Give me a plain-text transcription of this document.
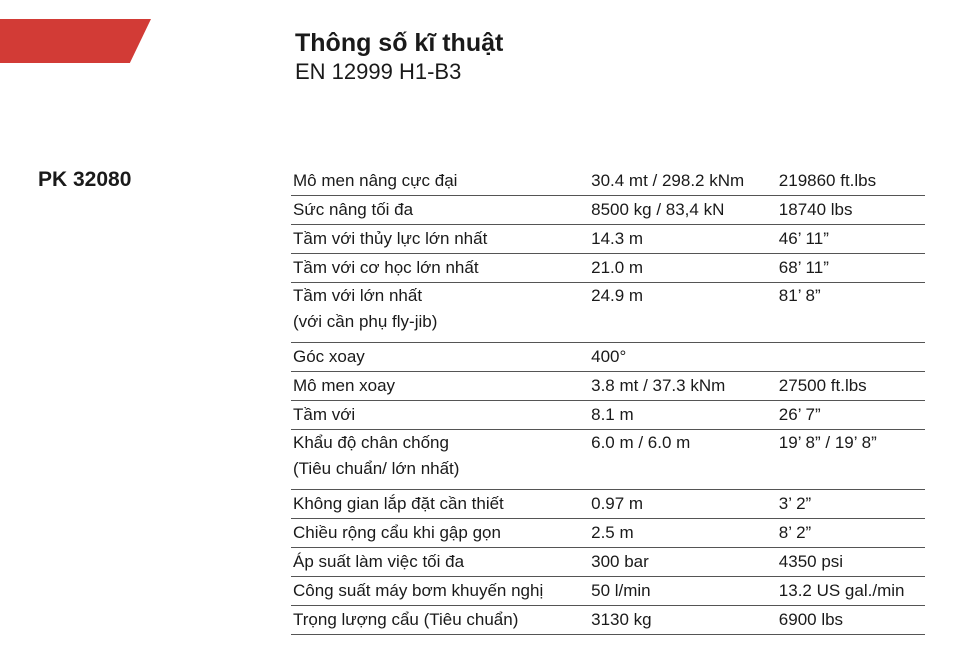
Thông số kĩ thuật
EN 12999 H1-B3
PK 32080	Mô men nâng cực đại	30.4 mt / 298.2 kNm	219860 ft.lbs
Sức nâng tối đa	8500 kg / 83,4 kN	18740 lbs
Tầm với thủy lực lớn nhất	14.3 m	46’ 11”
Tầm với cơ học lớn nhất	21.0 m	68’ 11”
Tầm với lớn nhất
(với cần phụ fly-jib)	24.9 m	81’ 8”
Góc xoay	400°	
Mô men xoay	3.8 mt / 37.3 kNm	27500 ft.lbs
Tầm với	8.1 m	26’ 7”
Khẩu độ chân chống
(Tiêu chuẩn/ lớn nhất)	6.0 m / 6.0 m	19’ 8” / 19’ 8”
Không gian lắp đặt cần thiết	0.97 m	3’ 2”
Chiều rộng cẩu khi gập gọn	2.5 m	8’ 2”
Áp suất làm việc tối đa	300 bar	4350 psi
Công suất máy bơm khuyến nghị	50 l/min	13.2 US gal./min
Trọng lượng cẩu (Tiêu chuẩn)	3130 kg	6900 lbs
